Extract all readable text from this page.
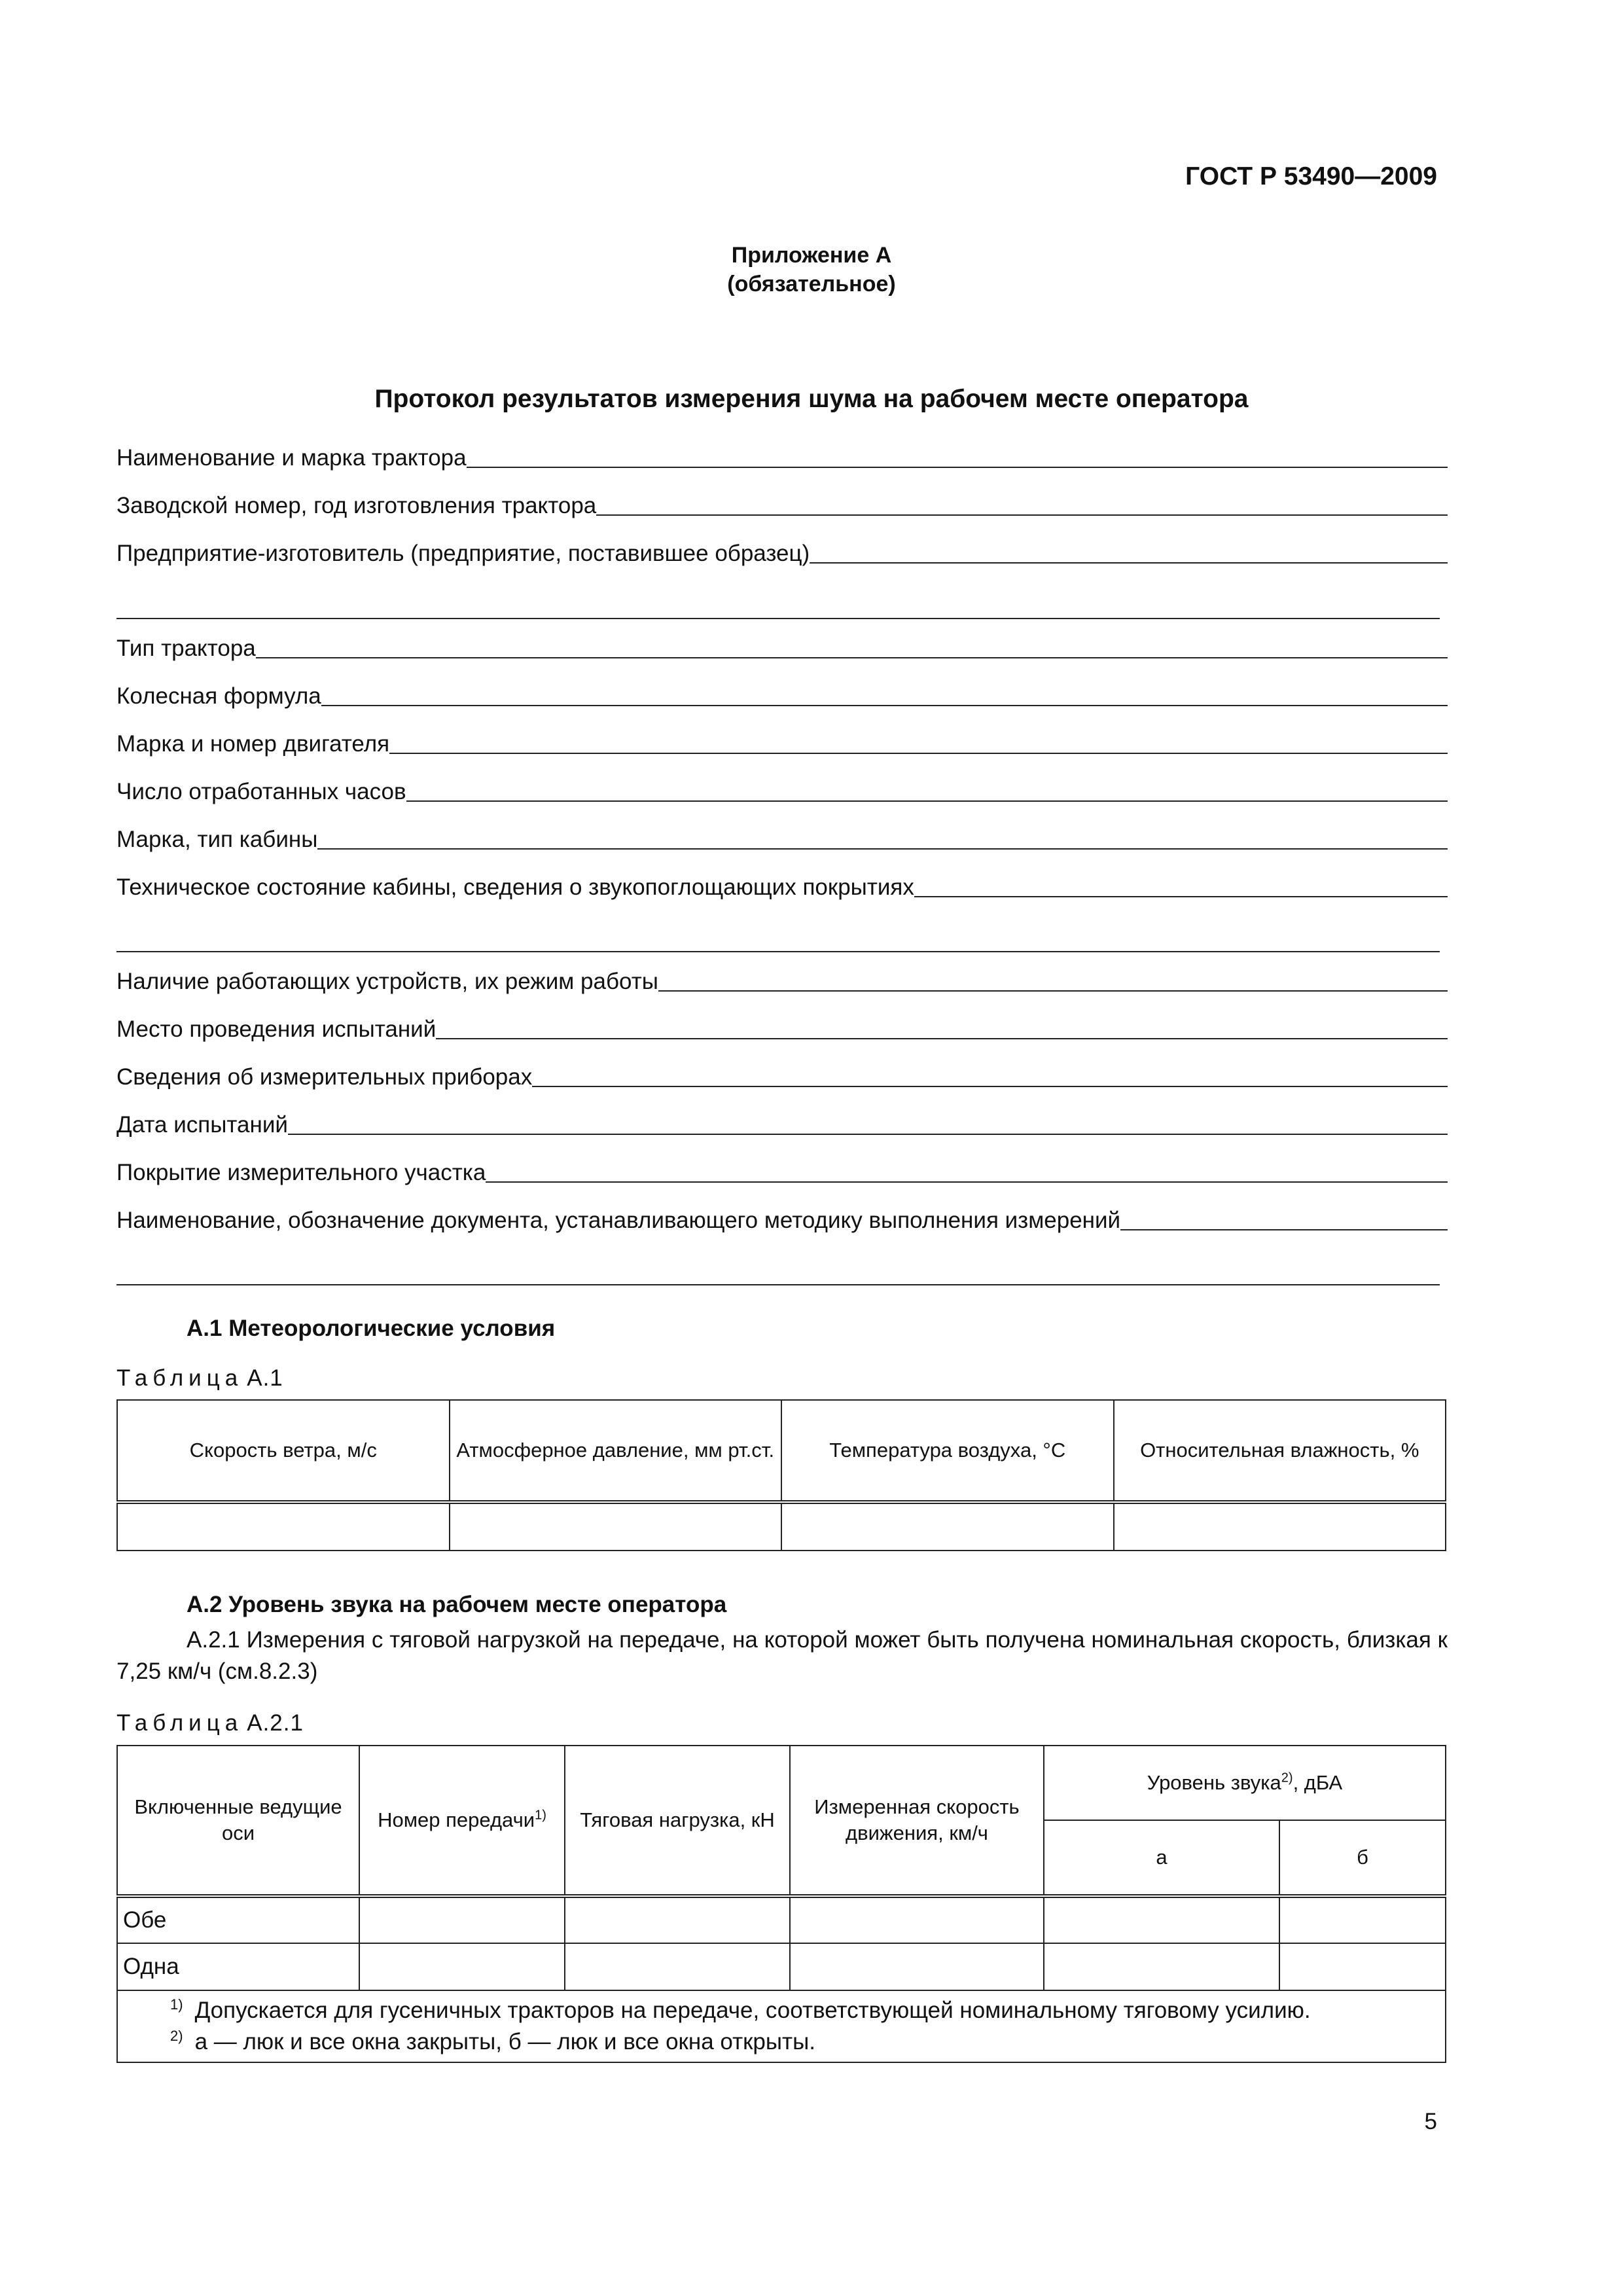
ГОСТ Р 53490—2009
Приложение А
(обязательное)
Протокол результатов измерения шума на рабочем месте оператора
Наименование и марка трактора
Заводской номер, год изготовления трактора
Предприятие-изготовитель (предприятие, поставившее образец)
Тип трактора
Колесная формула
Марка и номер двигателя
Число отработанных часов
Марка, тип кабины
Техническое состояние кабины, сведения о звукопоглощающих покрытиях
Наличие работающих устройств, их режим работы
Место проведения испытаний
Сведения об измерительных приборах
Дата испытаний
Покрытие измерительного участка
Наименование, обозначение документа, устанавливающего методику выполнения измерений
А.1 Метеорологические условия
Таблица А.1
Скорость ветра, м/с	Атмосферное давление, мм рт.ст.	Температура воздуха, °С	Относительная влажность, %

А.2 Уровень звука на рабочем месте оператора
А.2.1 Измерения с тяговой нагрузкой на передаче, на которой может быть получена номинальная скорость, близкая к 7,25 км/ч (см.8.2.3)
Таблица А.2.1
Включенные ведущие оси	Номер передачи$^{1)}$	Тяговая нагрузка, кН	Измеренная скорость движения, км/ч	Уровень звука$^{2)}$, дБА	
				а	б
Обе					
Одна					

$^{1)}$ Допускается для гусеничных тракторов на передаче, соответствующей номинальному тяговому усилию.
$^{2)}$ а — люк и все окна закрыты, б — люк и все окна открыты.					
5
